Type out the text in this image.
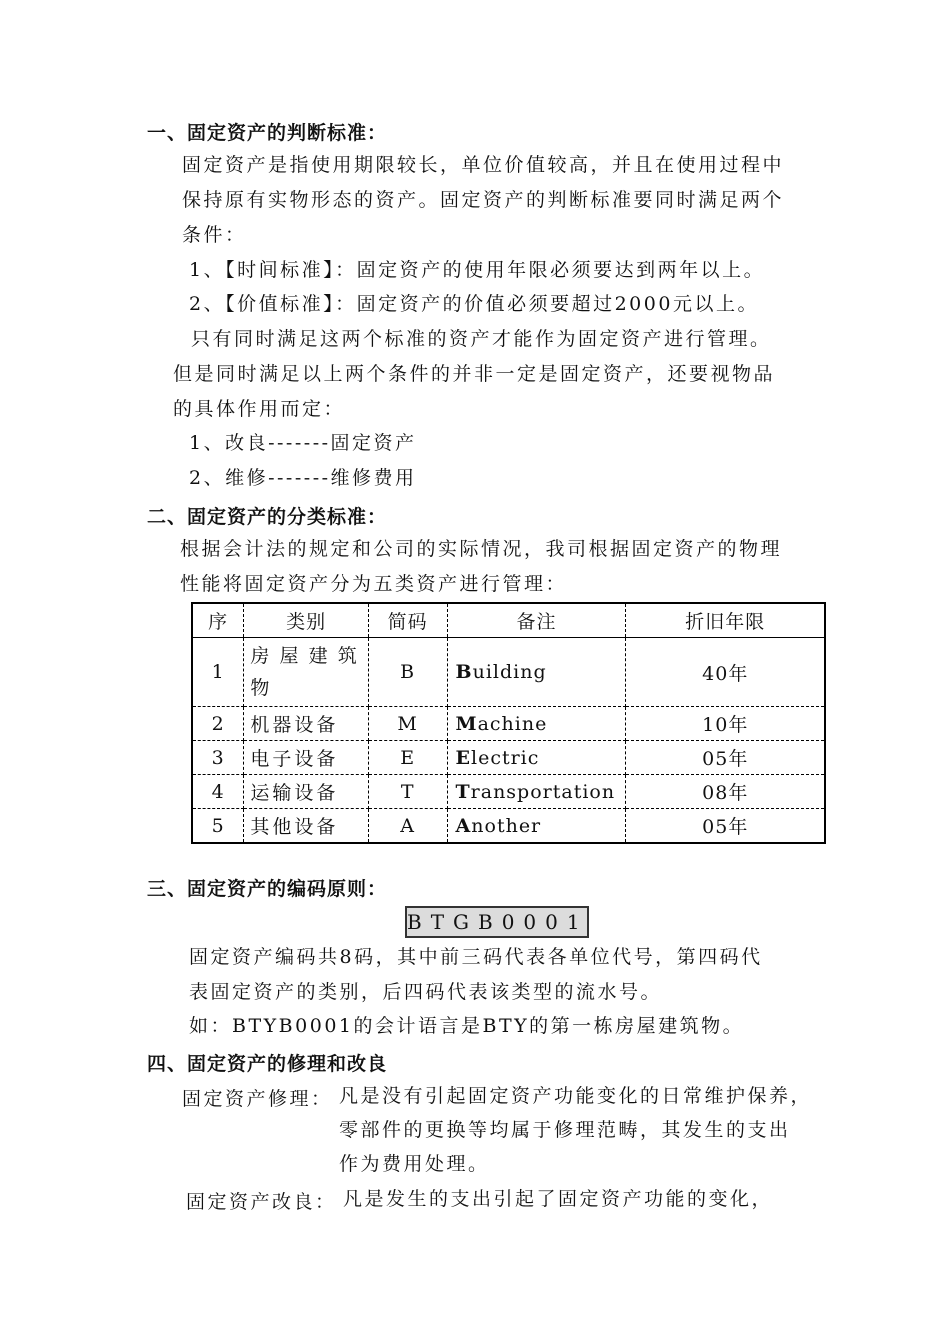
一、固定资产的判断标准：
固定资产是指使用期限较长，单位价值较高，并且在使用过程中
保持原有实物形态的资产。固定资产的判断标准要同时满足两个
条件：
1、【时间标准】：固定资产的使用年限必须要达到两年以上。
2、【价值标准】：固定资产的价值必须要超过2000元以上。
只有同时满足这两个标准的资产才能作为固定资产进行管理。
但是同时满足以上两个条件的并非一定是固定资产，还要视物品
的具体作用而定：
1、改良-------固定资产
2、维修-------维修费用
二、固定资产的分类标准：
根据会计法的规定和公司的实际情况，我司根据固定资产的物理
性能将固定资产分为五类资产进行管理：
序	类别	简码	备注	折旧年限
1	房屋建筑物	B	Building	40年
2	机器设备	M	Machine	10年
3	电子设备	E	Electric	05年
4	运输设备	T	Transportation	08年
5	其他设备	A	Another	05年
三、固定资产的编码原则：
BTGB0001
固定资产编码共8码，其中前三码代表各单位代号，第四码代
表固定资产的类别，后四码代表该类型的流水号。
如：BTYB0001的会计语言是BTY的第一栋房屋建筑物。
四、固定资产的修理和改良
固定资产修理： 凡是没有引起固定资产功能变化的日常维护保养，
零部件的更换等均属于修理范畴，其发生的支出
作为费用处理。
固定资产改良： 凡是发生的支出引起了固定资产功能的变化，
